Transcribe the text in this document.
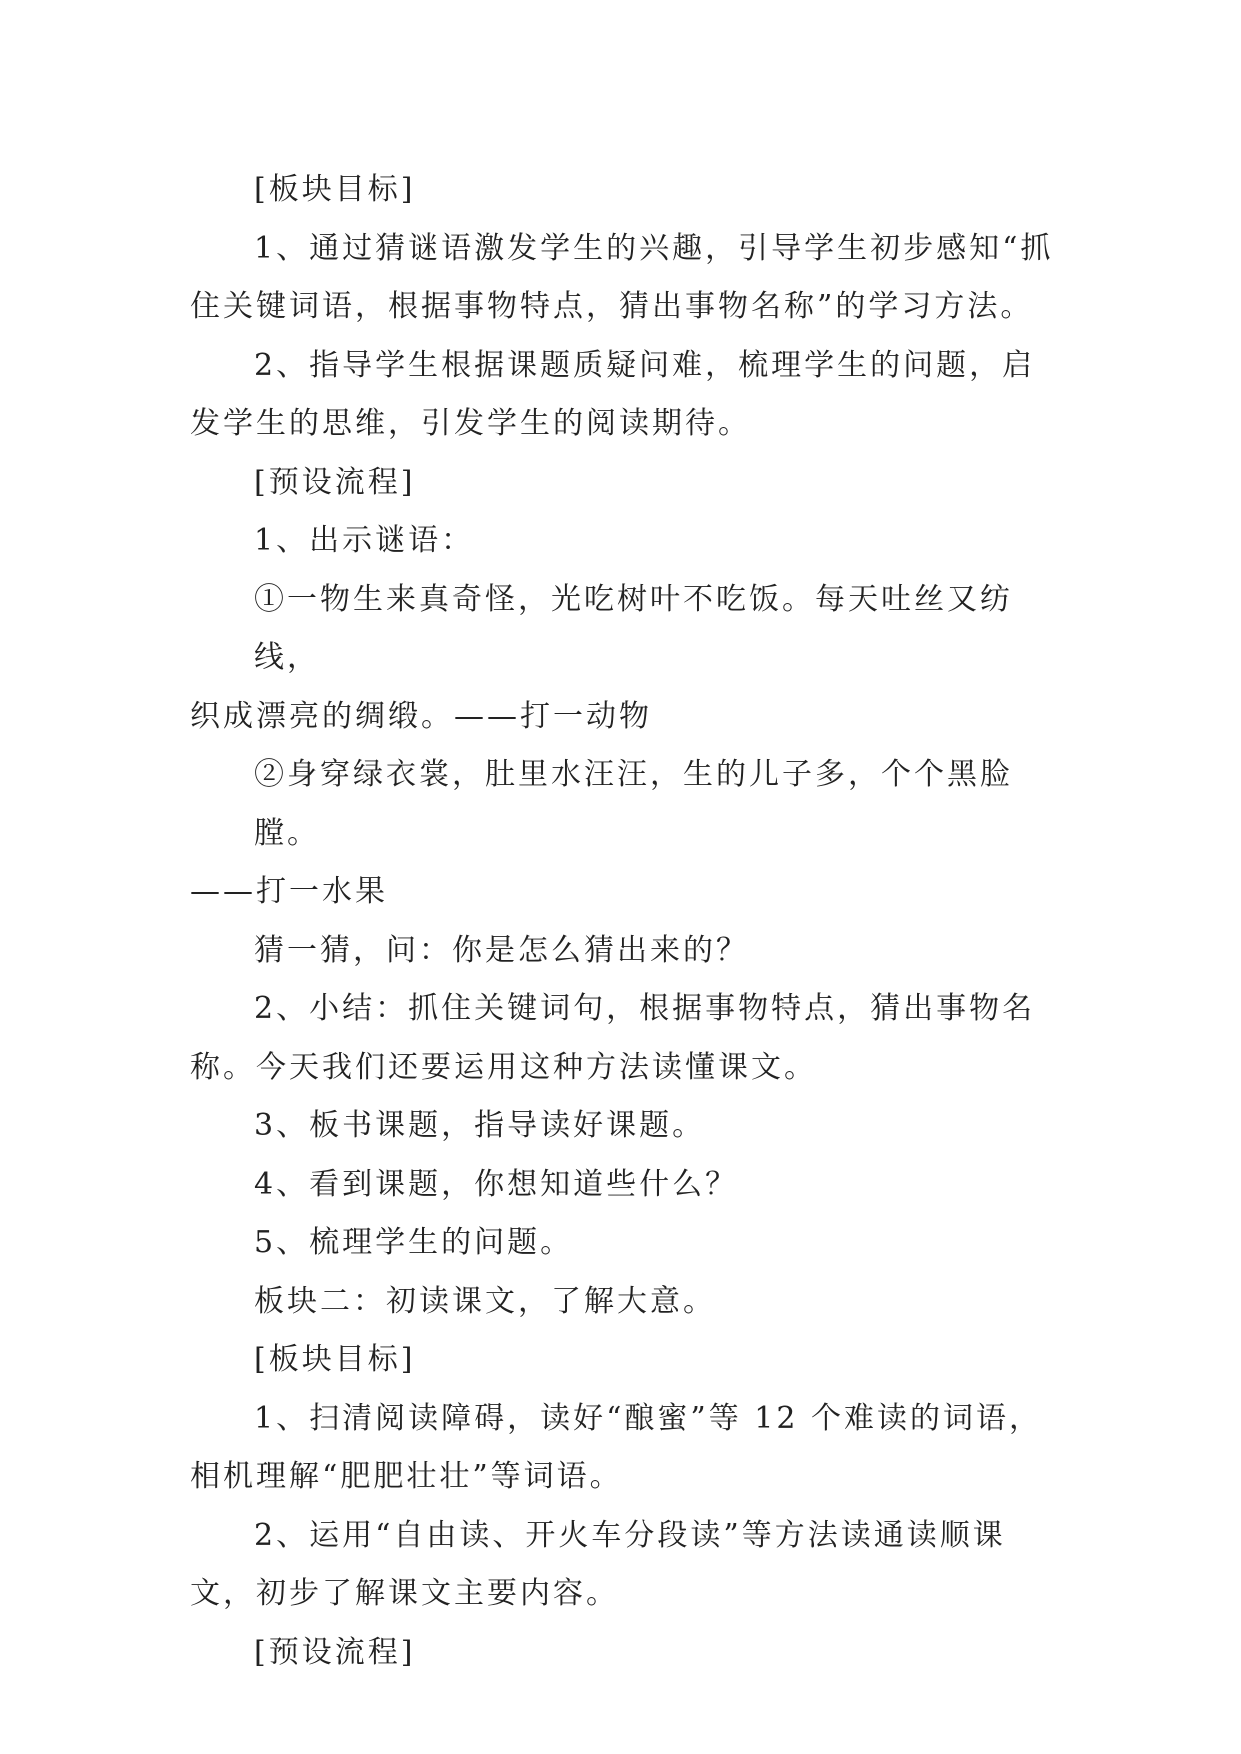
[板块目标]
1、通过猜谜语激发学生的兴趣，引导学生初步感知“抓
住关键词语，根据事物特点，猜出事物名称”的学习方法。
2、指导学生根据课题质疑问难，梳理学生的问题，启
发学生的思维，引发学生的阅读期待。
[预设流程]
1、出示谜语：
①一物生来真奇怪，光吃树叶不吃饭。每天吐丝又纺线，
织成漂亮的绸缎。——打一动物
②身穿绿衣裳，肚里水汪汪，生的儿子多，个个黑脸膛。
——打一水果
猜一猜，问：你是怎么猜出来的？
2、小结：抓住关键词句，根据事物特点，猜出事物名
称。今天我们还要运用这种方法读懂课文。
3、板书课题，指导读好课题。
4、看到课题，你想知道些什么？
5、梳理学生的问题。
板块二：初读课文，了解大意。
[板块目标]
1、扫清阅读障碍，读好“酿蜜”等 12 个难读的词语，
相机理解“肥肥壮壮”等词语。
2、运用“自由读、开火车分段读”等方法读通读顺课
文，初步了解课文主要内容。
[预设流程]
